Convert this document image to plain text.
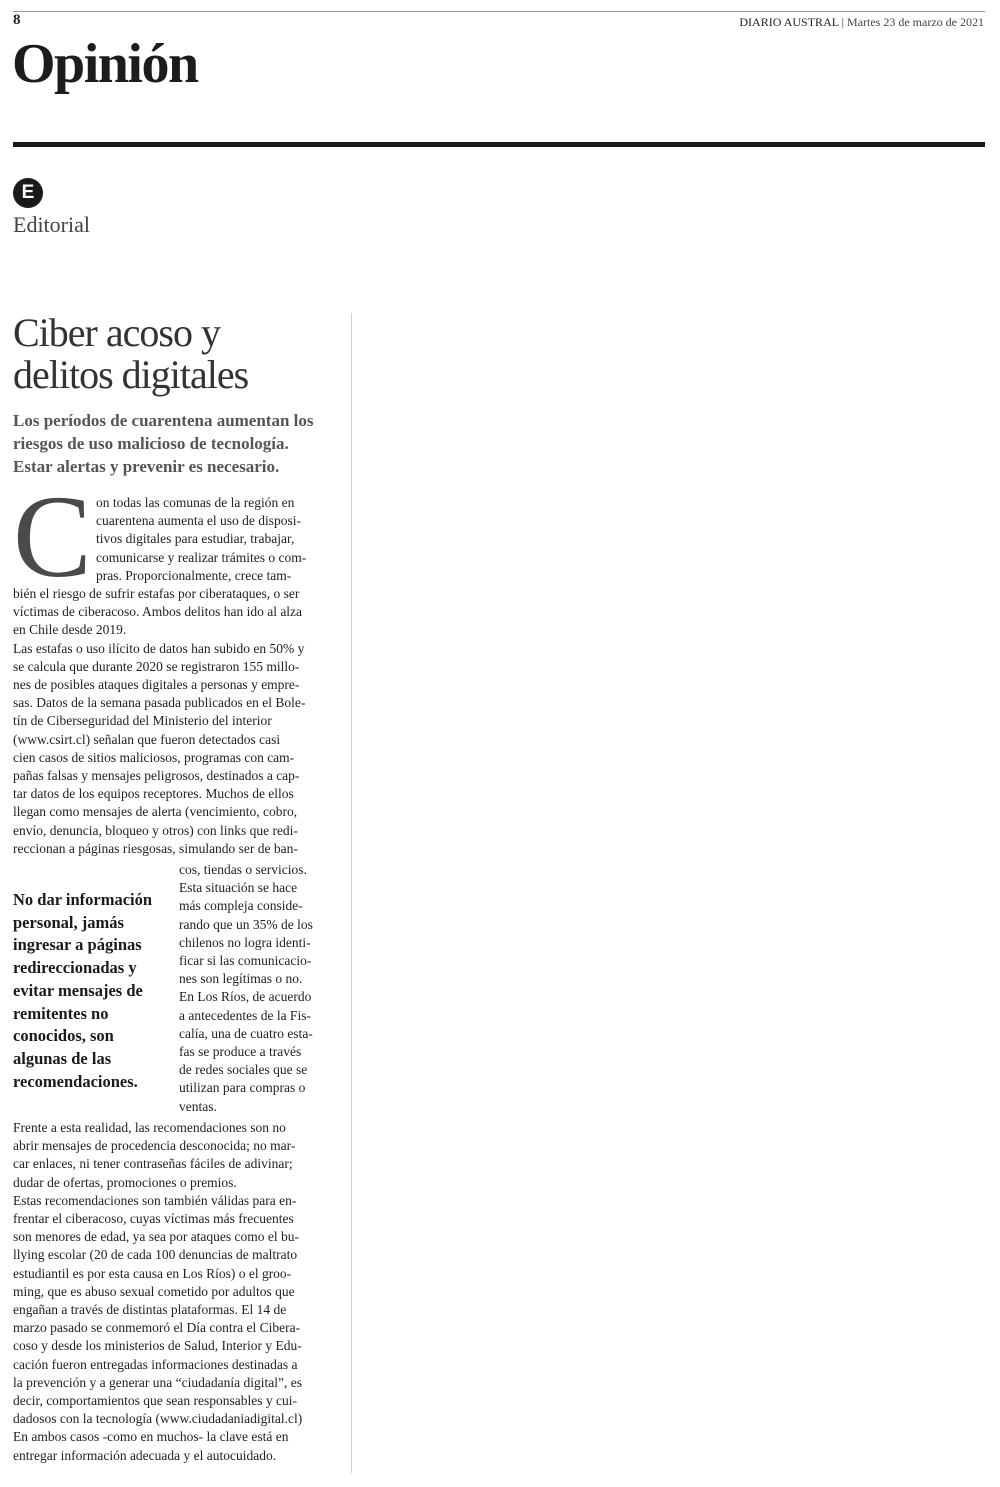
8	DIARIO AUSTRAL | Martes 23 de marzo de 2021
Opinión
E
Editorial
Ciber acoso y
delitos digitales
Los períodos de cuarentena aumentan los
riesgos de uso malicioso de tecnología.
Estar alertas y prevenir es necesario.
C on todas las comunas de la región en
cuarentena aumenta el uso de disposi-
tivos digitales para estudiar, trabajar,
comunicarse y realizar trámites o com-
pras. Proporcionalmente, crece tam-
bién el riesgo de sufrir estafas por ciberataques, o ser
víctimas de ciberacoso. Ambos delitos han ido al alza
en Chile desde 2019.
Las estafas o uso ilícito de datos han subido en 50% y
se calcula que durante 2020 se registraron 155 millo-
nes de posibles ataques digitales a personas y empre-
sas. Datos de la semana pasada publicados en el Bole-
tín de Ciberseguridad del Ministerio del interior
(www.csirt.cl) señalan que fueron detectados casi
cien casos de sitios maliciosos, programas con cam-
pañas falsas y mensajes peligrosos, destinados a cap-
tar datos de los equipos receptores. Muchos de ellos
llegan como mensajes de alerta (vencimiento, cobro,
envío, denuncia, bloqueo y otros) con links que redi-
reccionan a páginas riesgosas, simulando ser de ban-
No dar información
personal, jamás
ingresar a páginas
redireccionadas y
evitar mensajes de
remitentes no
conocidos, son
algunas de las
recomendaciones.
cos, tiendas o servicios.
Esta situación se hace
más compleja conside-
rando que un 35% de los
chilenos no logra identi-
ficar si las comunicacio-
nes son legítimas o no.
En Los Ríos, de acuerdo
a antecedentes de la Fis-
calía, una de cuatro esta-
fas se produce a través
de redes sociales que se
utilizan para compras o
ventas.
Frente a esta realidad, las recomendaciones son no
abrir mensajes de procedencia desconocida; no mar-
car enlaces, ni tener contraseñas fáciles de adivinar;
dudar de ofertas, promociones o premios.
Estas recomendaciones son también válidas para en-
frentar el ciberacoso, cuyas víctimas más frecuentes
son menores de edad, ya sea por ataques como el bu-
llying escolar (20 de cada 100 denuncias de maltrato
estudiantil es por esta causa en Los Ríos) o el groo-
ming, que es abuso sexual cometido por adultos que
engañan a través de distintas plataformas. El 14 de
marzo pasado se conmemoró el Día contra el Cibera-
coso y desde los ministerios de Salud, Interior y Edu-
cación fueron entregadas informaciones destinadas a
la prevención y a generar una “ciudadanía digital”, es
decir, comportamientos que sean responsables y cui-
dadosos con la tecnología (www.ciudadaniadigital.cl)
En ambos casos -como en muchos- la clave está en
entregar información adecuada y el autocuidado.
